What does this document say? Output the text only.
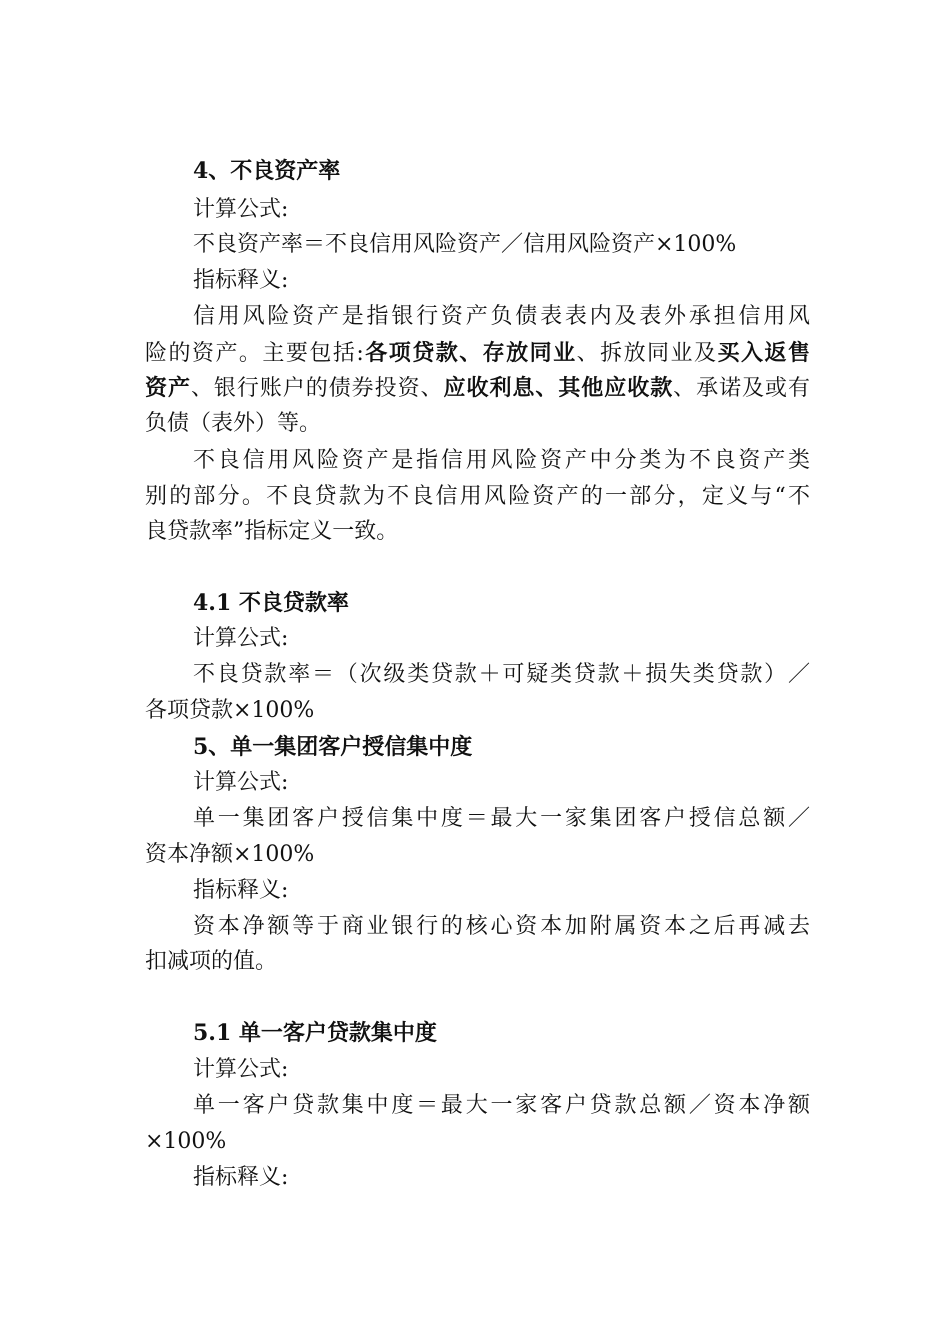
4、不良资产率
计算公式:
不良资产率＝不良信用风险资产／信用风险资产×100%
指标释义:
信用风险资产是指银行资产负债表表内及表外承担信用风
险的资产。主要包括:各项贷款、存放同业、拆放同业及买入返售
资产、银行账户的债券投资、应收利息、其他应收款、承诺及或有
负债（表外）等。
不良信用风险资产是指信用风险资产中分类为不良资产类
别的部分。不良贷款为不良信用风险资产的一部分，定义与“不
良贷款率”指标定义一致。
4.1 不良贷款率
计算公式:
不良贷款率＝（次级类贷款＋可疑类贷款＋损失类贷款）／
各项贷款×100%
5、单一集团客户授信集中度
计算公式:
单一集团客户授信集中度＝最大一家集团客户授信总额／
资本净额×100%
指标释义:
资本净额等于商业银行的核心资本加附属资本之后再减去
扣减项的值。
5.1 单一客户贷款集中度
计算公式:
单一客户贷款集中度＝最大一家客户贷款总额／资本净额
×100%
指标释义:
